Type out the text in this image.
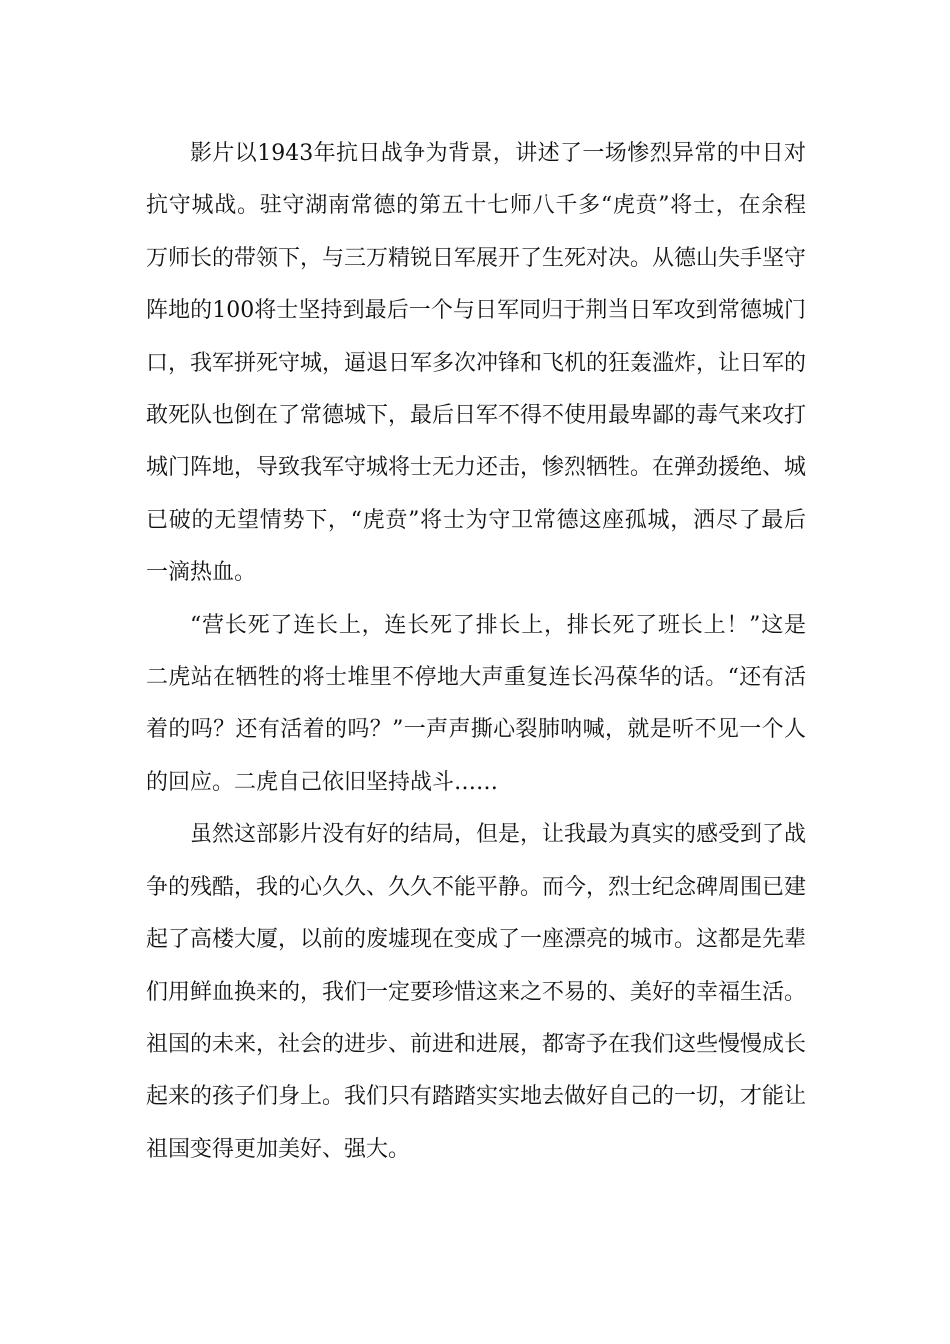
影片以1943年抗日战争为背景，讲述了一场惨烈异常的中日对抗守城战。驻守湖南常德的第五十七师八千多“虎贲”将士，在余程万师长的带领下，与三万精锐日军展开了生死对决。从德山失手坚守阵地的100将士坚持到最后一个与日军同归于荆当日军攻到常德城门口，我军拼死守城，逼退日军多次冲锋和飞机的狂轰滥炸，让日军的敢死队也倒在了常德城下，最后日军不得不使用最卑鄙的毒气来攻打城门阵地，导致我军守城将士无力还击，惨烈牺牲。在弹劲援绝、城已破的无望情势下，“虎贲”将士为守卫常德这座孤城，洒尽了最后一滴热血。

“营长死了连长上，连长死了排长上，排长死了班长上！”这是二虎站在牺牲的将士堆里不停地大声重复连长冯葆华的话。“还有活着的吗？还有活着的吗？”一声声撕心裂肺呐喊，就是听不见一个人的回应。二虎自己依旧坚持战斗……

虽然这部影片没有好的结局，但是，让我最为真实的感受到了战争的残酷，我的心久久、久久不能平静。而今，烈士纪念碑周围已建起了高楼大厦，以前的废墟现在变成了一座漂亮的城市。这都是先辈们用鲜血换来的，我们一定要珍惜这来之不易的、美好的幸福生活。祖国的未来，社会的进步、前进和进展，都寄予在我们这些慢慢成长起来的孩子们身上。我们只有踏踏实实地去做好自己的一切，才能让祖国变得更加美好、强大。
